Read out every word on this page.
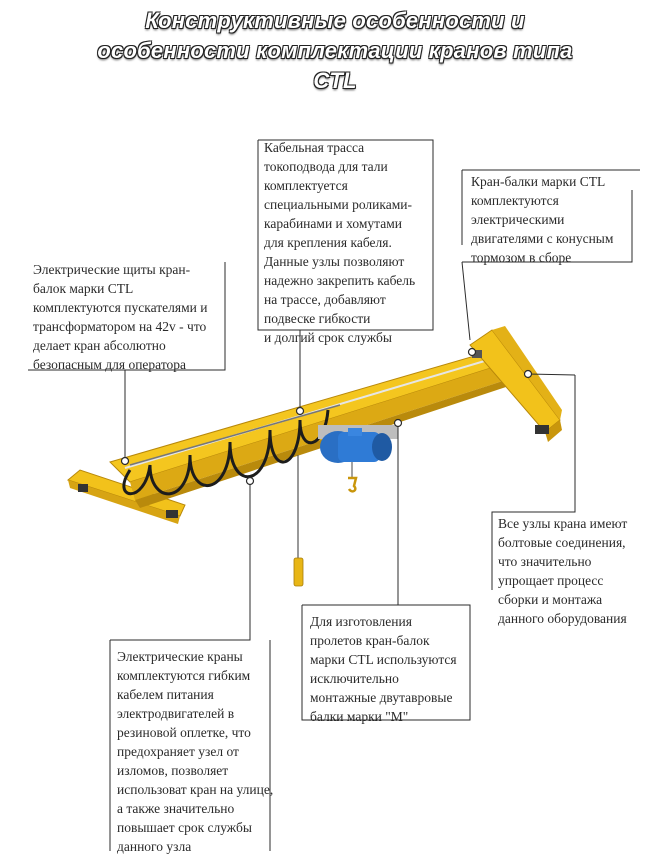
Конструктивные особенности и
особенности комплектации кранов типа
CTL
Кабельная трасса
токоподвода для тали
комплектуется
специальными роликами-
карабинами и хомутами
для крепления кабеля.
Данные узлы позволяют
надежно закрепить кабель
на трассе, добавляют
подвеске гибкости
и долгий срок службы
Кран-балки марки CTL
комплектуются
электрическими
двигателями с конусным
тормозом в сборе
Электрические щиты кран-
балок марки CTL
комплектуются пускателями и
трансформатором на 42v - что
делает кран абсолютно
безопасным для оператора
Все узлы крана имеют
болтовые соединения,
что значительно
упрощает процесс
сборки и монтажа
данного оборудования
Для изготовления
пролетов кран-балок
марки CTL используются
исключительно
монтажные двутавровые
балки марки "М"
Электрические краны
комплектуются гибким
кабелем питания
электродвигателей в
резиновой оплетке, что
предохраняет узел от
изломов, позволяет
использоват кран на улице,
а также значительно
повышает срок службы
данного узла
